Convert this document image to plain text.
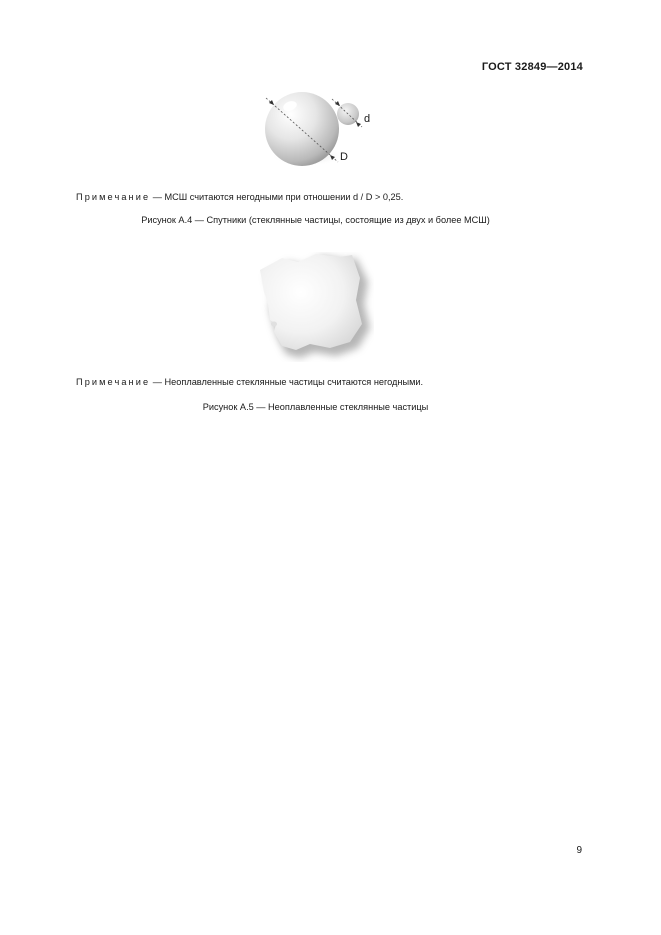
ГОСТ 32849—2014
d
D
Примечание — МСШ считаются негодными при отношении d / D > 0,25.
Рисунок А.4 — Спутники (стеклянные частицы, состоящие из двух и более МСШ)
Примечание — Неоплавленные стеклянные частицы считаются негодными.
Рисунок А.5 — Неоплавленные стеклянные частицы
9
